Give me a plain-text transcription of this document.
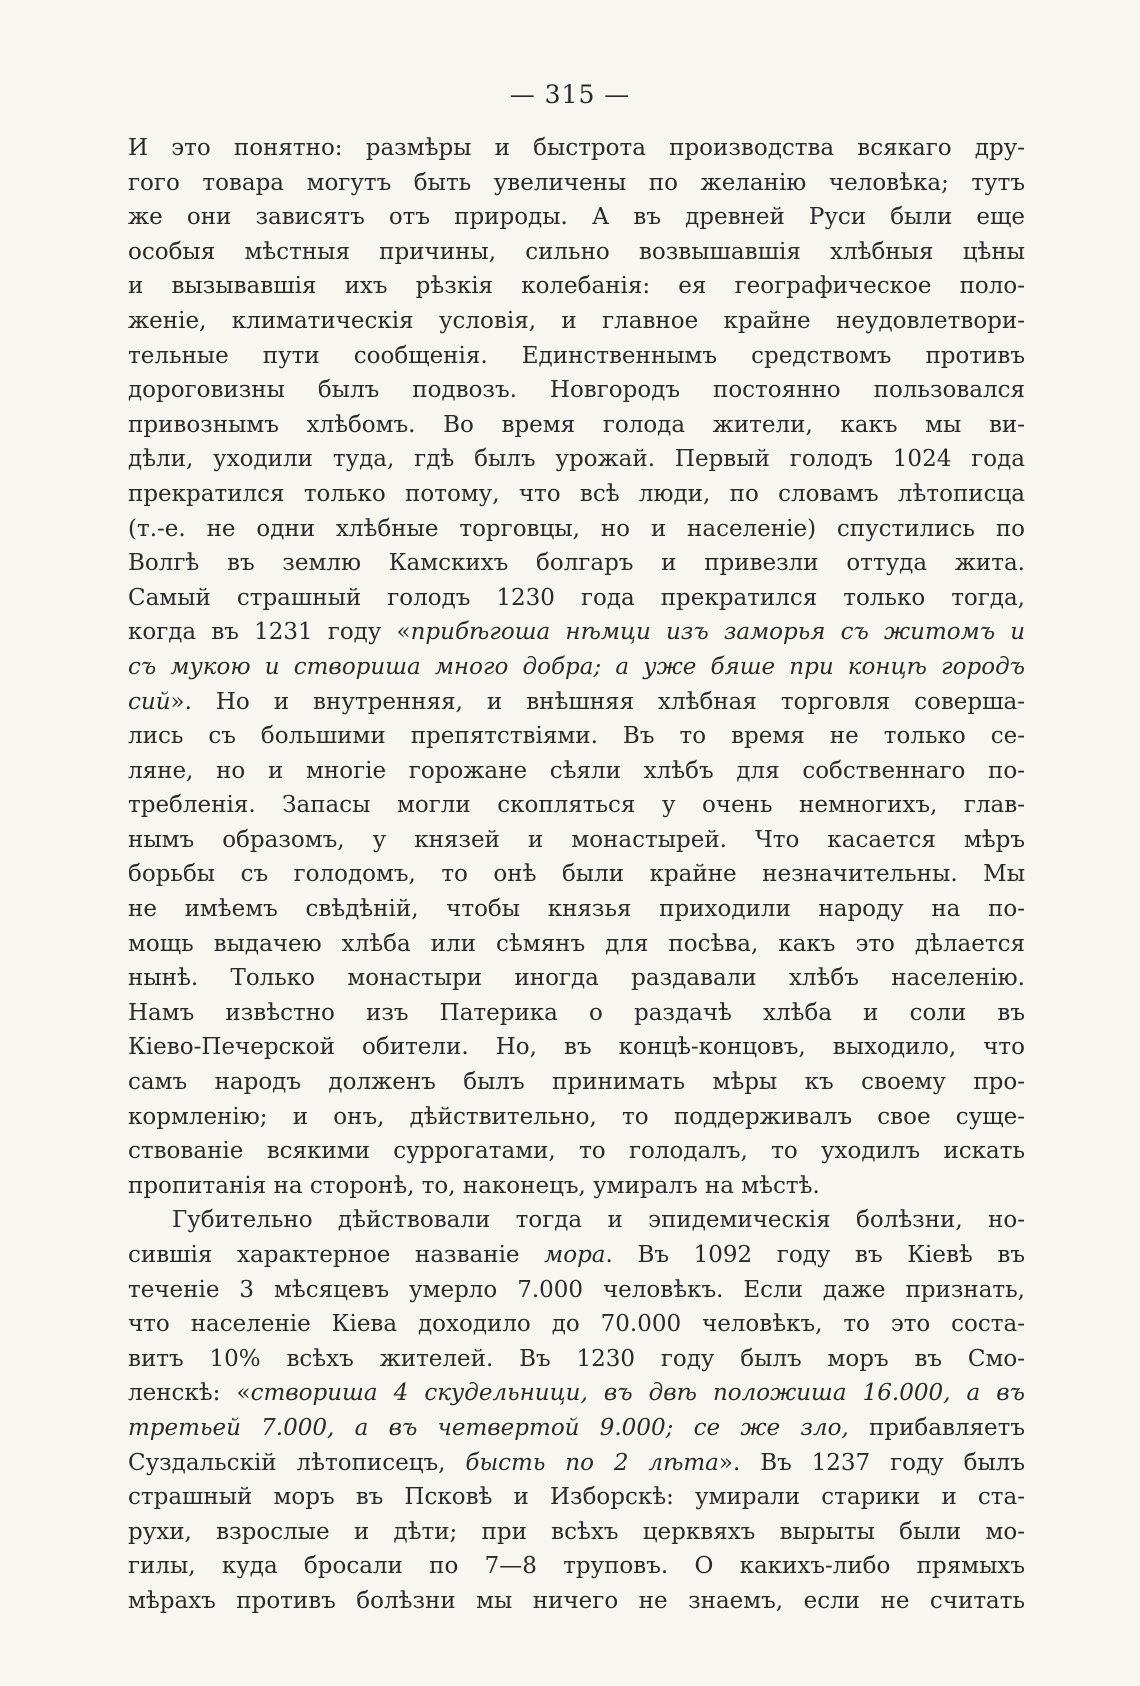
— 315 —
И это понятно: размѣры и быстрота производства всякаго дру-
гого товара могутъ быть увеличены по желанію человѣка; тутъ
же они зависятъ отъ природы. А въ древней Руси были еще
особыя мѣстныя причины, сильно возвышавшія хлѣбныя цѣны
и вызывавшія ихъ рѣзкія колебанія: ея географическое поло-
женіе, климатическія условія, и главное крайне неудовлетвори-
тельные пути сообщенія. Единственнымъ средствомъ противъ
дороговизны былъ подвозъ. Новгородъ постоянно пользовался
привознымъ хлѣбомъ. Во время голода жители, какъ мы ви-
дѣли, уходили туда, гдѣ былъ урожай. Первый голодъ 1024 года
прекратился только потому, что всѣ люди, по словамъ лѣтописца
(т.-е. не одни хлѣбные торговцы, но и населеніе) спустились по
Волгѣ въ землю Камскихъ болгаръ и привезли оттуда жита.
Самый страшный голодъ 1230 года прекратился только тогда,
когда въ 1231 году «прибѣгоша нѣмци изъ заморья съ житомъ и
съ мукою и створиша много добра; а уже бяше при концѣ городъ
сий». Но и внутренняя, и внѣшняя хлѣбная торговля соверша-
лись съ большими препятствіями. Въ то время не только се-
ляне, но и многіе горожане сѣяли хлѣбъ для собственнаго по-
требленія. Запасы могли скопляться у очень немногихъ, глав-
нымъ образомъ, у князей и монастырей. Что касается мѣръ
борьбы съ голодомъ, то онѣ были крайне незначительны. Мы
не имѣемъ свѣдѣній, чтобы князья приходили народу на по-
мощь выдачею хлѣба или сѣмянъ для посѣва, какъ это дѣлается
нынѣ. Только монастыри иногда раздавали хлѣбъ населенію.
Намъ извѣстно изъ Патерика о раздачѣ хлѣба и соли въ
Кіево-Печерской обители. Но, въ концѣ-концовъ, выходило, что
самъ народъ долженъ былъ принимать мѣры къ своему про-
кормленію; и онъ, дѣйствительно, то поддерживалъ свое суще-
ствованіе всякими суррогатами, то голодалъ, то уходилъ искать
пропитанія на сторонѣ, то, наконецъ, умиралъ на мѣстѣ.
Губительно дѣйствовали тогда и эпидемическія болѣзни, но-
сившія характерное названіе мора. Въ 1092 году въ Кіевѣ въ
теченіе 3 мѣсяцевъ умерло 7.000 человѣкъ. Если даже признать,
что населеніе Кіева доходило до 70.000 человѣкъ, то это соста-
витъ 10% всѣхъ жителей. Въ 1230 году былъ моръ въ Смо-
ленскѣ: «створиша 4 скудельници, въ двѣ положиша 16.000, а въ
третьей 7.000, а въ четвертой 9.000; се же зло, прибавляетъ
Суздальскій лѣтописецъ, бысть по 2 лѣта». Въ 1237 году былъ
страшный моръ въ Псковѣ и Изборскѣ: умирали старики и ста-
рухи, взрослые и дѣти; при всѣхъ церквяхъ вырыты были мо-
гилы, куда бросали по 7—8 труповъ. О какихъ-либо прямыхъ
мѣрахъ противъ болѣзни мы ничего не знаемъ, если не считать
